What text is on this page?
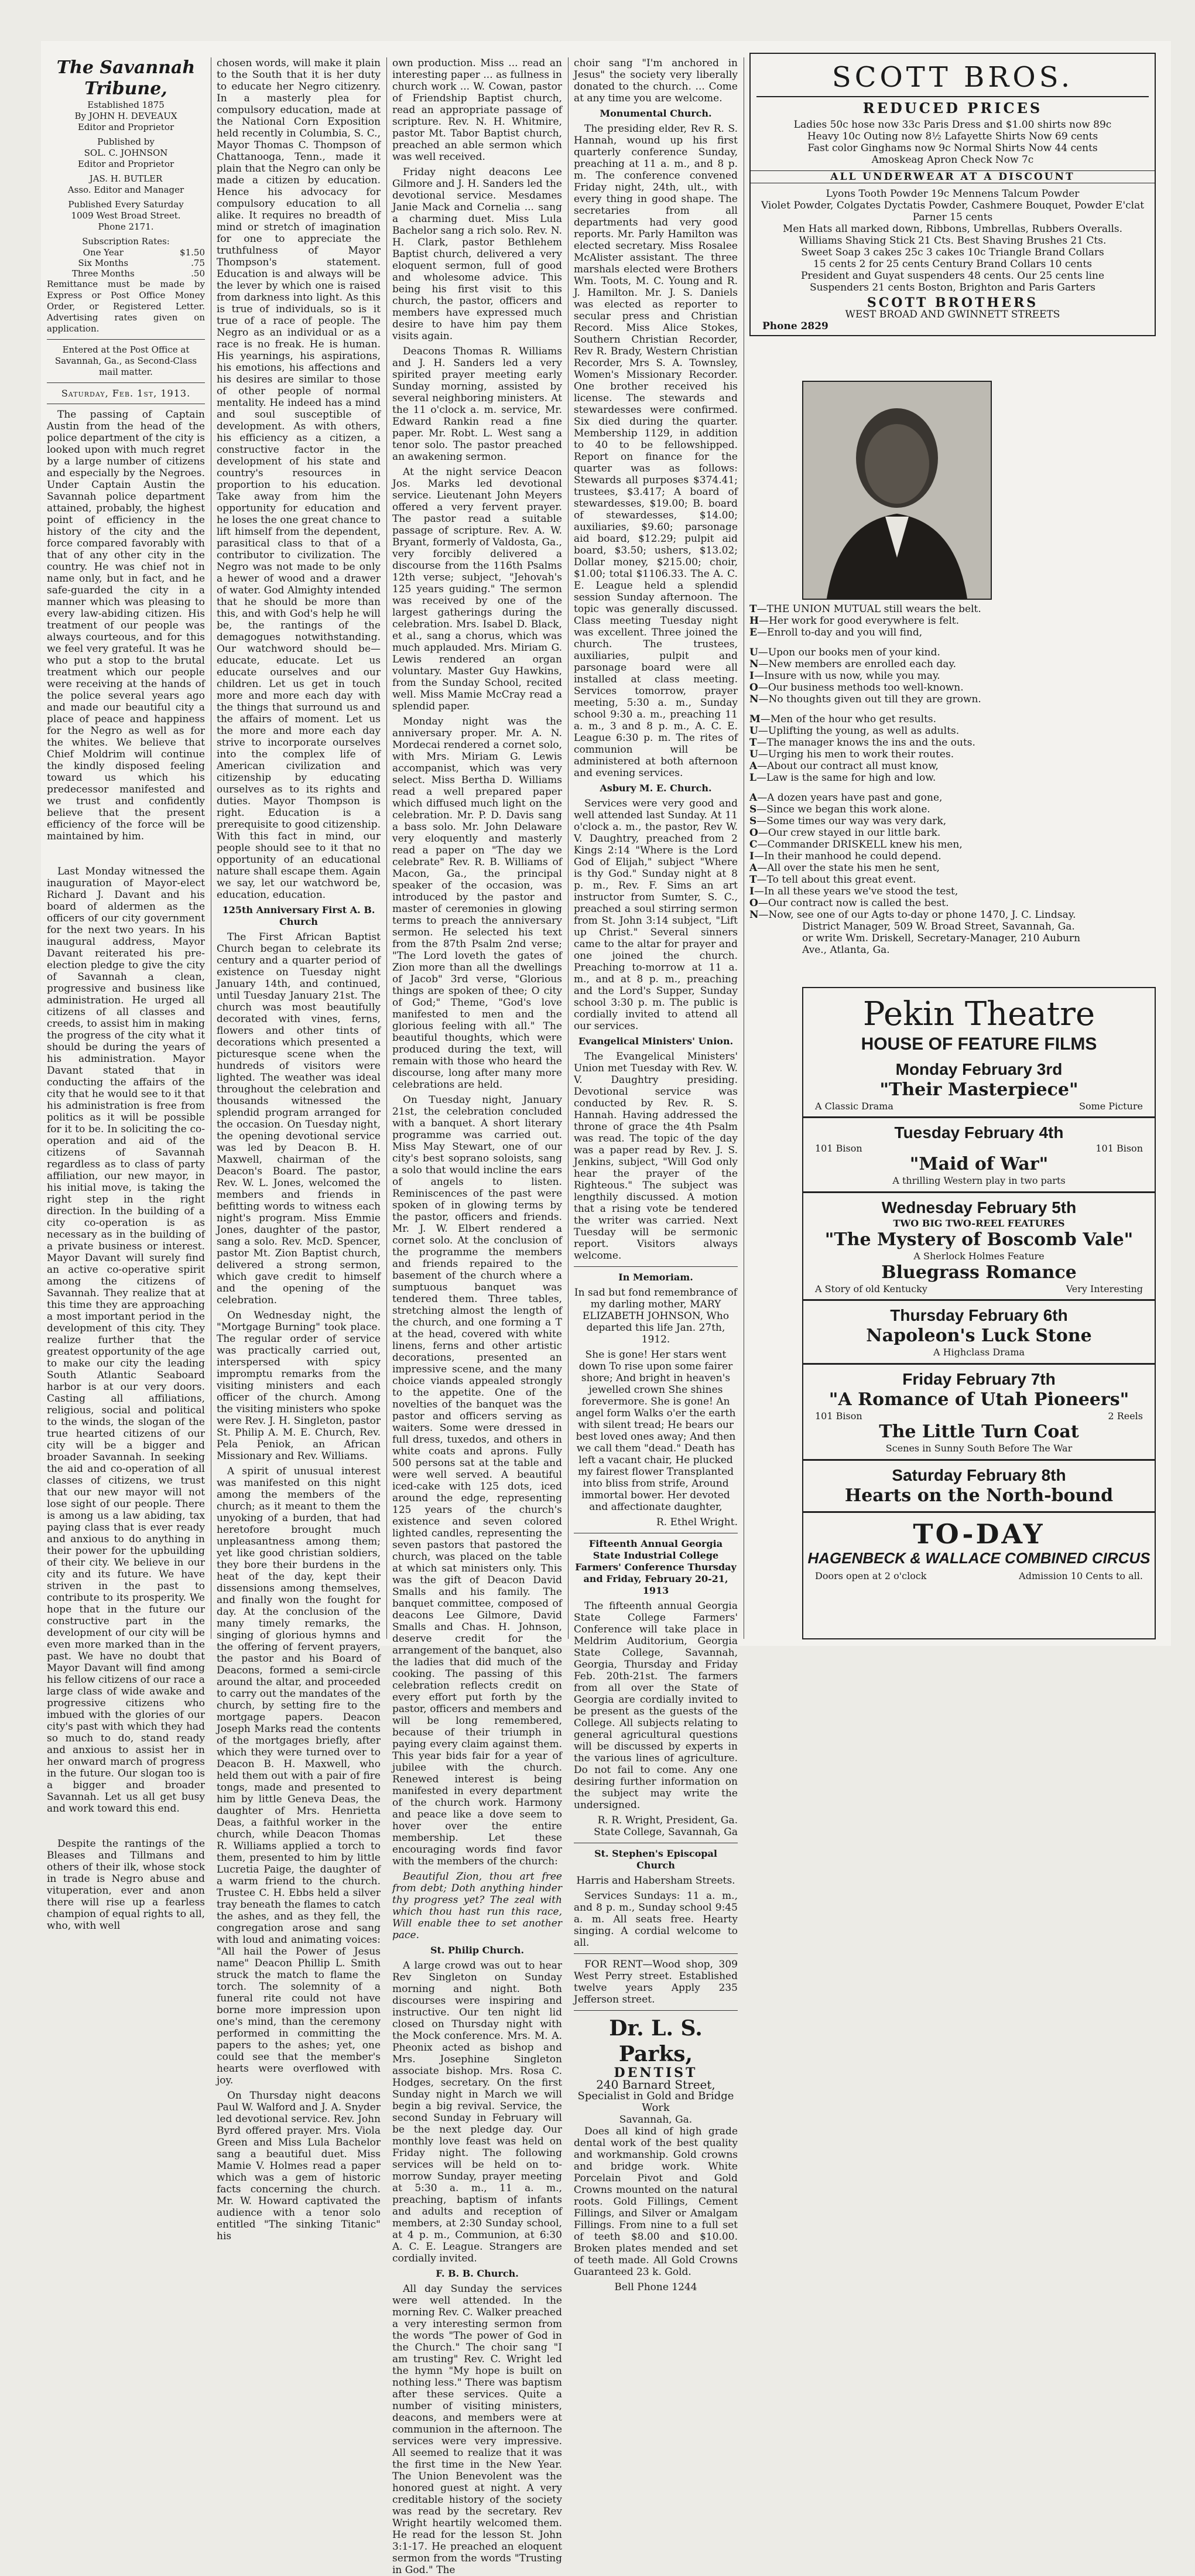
The Savannah Tribune,
Established 1875
By JOHN H. DEVEAUX
Editor and Proprietor
Published by
SOL. C. JOHNSON
Editor and Proprietor
JAS. H. BUTLER
Asso. Editor and Manager
Published Every Saturday
1009 West Broad Street.
Phone 2171.
Subscription Rates:
One Year	$1.50
Six Months	.75
Three Months	.50
Remittance must be made by Express or Post Office Money Order, or Registered Letter. Advertising rates given on application.
Entered at the Post Office at Savannah, Ga., as Second-Class mail matter.
Saturday, Feb. 1st, 1913.

The passing of Captain Austin from the head of the police department of the city is looked upon with much regret by a large number of citizens and especially by the Negroes. Under Captain Austin the Savannah police department attained, probably, the highest point of efficiency in the history of the city and the force compared favorably with that of any other city in the country. He was chief not in name only, but in fact, and he safe-guarded the city in a manner which was pleasing to every law-abiding citizen. His treatment of our people was always courteous, and for this we feel very grateful. It was he who put a stop to the brutal treatment which our people were receiving at the hands of the police several years ago and made our beautiful city a place of peace and happiness for the Negro as well as for the whites. We believe that Chief Moldrim will continue the kindly disposed feeling toward us which his predecessor manifested and we trust and confidently believe that the present efficiency of the force will be maintained by him.

Last Monday witnessed the inauguration of Mayor-elect Richard J. Davant and his board of aldermen as the officers of our city government for the next two years. In his inaugural address, Mayor Davant reiterated his pre-election pledge to give the city of Savannah a clean, progressive and business like administration. He urged all citizens of all classes and creeds, to assist him in making the progress of the city what it should be during the years of his administration. Mayor Davant stated that in conducting the affairs of the city that he would see to it that his administration is free from politics as it will be possible for it to be. In soliciting the co-operation and aid of the citizens of Savannah regardless as to class of party affiliation, our new mayor, in his initial move, is taking the right step in the right direction. In the building of a city co-operation is as necessary as in the building of a private business or interest. Mayor Davant will surely find an active co-operative spirit among the citizens of Savannah. They realize that at this time they are approaching a most important period in the development of this city. They realize further that the greatest opportunity of the age to make our city the leading South Atlantic Seaboard harbor is at our very doors. Casting all affiliations, religious, social and political to the winds, the slogan of the true hearted citizens of our city will be a bigger and broader Savannah. In seeking the aid and co-operation of all classes of citizens, we trust that our new mayor will not lose sight of our people. There is among us a law abiding, tax paying class that is ever ready and anxious to do anything in their power for the upbuilding of their city. We believe in our city and its future. We have striven in the past to contribute to its prosperity. We hope that in the future our constructive part in the development of our city will be even more marked than in the past. We have no doubt that Mayor Davant will find among his fellow citizens of our race a large class of wide awake and progressive citizens who imbued with the glories of our city's past with which they had so much to do, stand ready and anxious to assist her in her onward march of progress in the future. Our slogan too is a bigger and broader Savannah. Let us all get busy and work toward this end.

Despite the rantings of the Bleases and Tillmans and others of their ilk, whose stock in trade is Negro abuse and vituperation, ever and anon there will rise up a fearless champion of equal rights to all, who, with well

chosen words, will make it plain to the South that it is her duty to educate her Negro citizenry. In a masterly plea for compulsory education, made at the National Corn Exposition held recently in Columbia, S. C., Mayor Thomas C. Thompson of Chattanooga, Tenn., made it plain that the Negro can only be made a citizen by education. Hence his advocacy for compulsory education to all alike. It requires no breadth of mind or stretch of imagination for one to appreciate the truthfulness of Mayor Thompson's statement. Education is and always will be the lever by which one is raised from darkness into light. As this is true of individuals, so is it true of a race of people. The Negro as an individual or as a race is no freak. He is human. His yearnings, his aspirations, his emotions, his affections and his desires are similar to those of other people of normal mentality. He indeed has a mind and soul susceptible of development. As with others, his efficiency as a citizen, a constructive factor in the development of his state and country's resources in proportion to his education. Take away from him the opportunity for education and he loses the one great chance to lift himself from the dependent, parasitical class to that of a contributor to civilization. The Negro was not made to be only a hewer of wood and a drawer of water. God Almighty intended that he should be more than this, and with God's help he will be, the rantings of the demagogues notwithstanding. Our watchword should be—educate, educate. Let us educate ourselves and our children. Let us get in touch more and more each day with the things that surround us and the affairs of moment. Let us the more and more each day strive to incorporate ourselves into the complex life of American civilization and citizenship by educating ourselves as to its rights and duties. Mayor Thompson is right. Education is a prerequisite to good citizenship. With this fact in mind, our people should see to it that no opportunity of an educational nature shall escape them. Again we say, let our watchword be, education, education.

125th Anniversary First A. B. Church

The First African Baptist Church began to celebrate its century and a quarter period of existence on Tuesday night January 14th, and continued, until Tuesday January 21st. The church was most beautifully decorated with vines, ferns, flowers and other tints of decorations which presented a picturesque scene when the hundreds of visitors were lighted. The weather was ideal throughout the celebration and thousands witnessed the splendid program arranged for the occasion. On Tuesday night, the opening devotional service was led by Deacon B. H. Maxwell, chairman of the Deacon's Board. The pastor, Rev. W. L. Jones, welcomed the members and friends in befitting words to witness each night's program. Miss Emmie Jones, daughter of the pastor, sang a solo. Rev. McD. Spencer, pastor Mt. Zion Baptist church, delivered a strong sermon, which gave credit to himself and the opening of the celebration.

On Wednesday night, the "Mortgage Burning" took place. The regular order of service was practically carried out, interspersed with spicy impromptu remarks from the visiting ministers and each officer of the church. Among the visiting ministers who spoke were Rev. J. H. Singleton, pastor St. Philip A. M. E. Church, Rev. Pela Peniok, an African Missionary and Rev. Williams.

A spirit of unusual interest was manifested on this night among the members of the church; as it meant to them the unyoking of a burden, that had heretofore brought much unpleasantness among them; yet like good christian soldiers, they bore their burdens in the heat of the day, kept their dissensions among themselves, and finally won the fought for day. At the conclusion of the many timely remarks, the singing of glorious hymns and the offering of fervent prayers, the pastor and his Board of Deacons, formed a semi-circle around the altar, and proceeded to carry out the mandates of the church, by setting fire to the mortgage papers. Deacon Joseph Marks read the contents of the mortgages briefly, after which they were turned over to Deacon B. H. Maxwell, who held them out with a pair of fire tongs, made and presented to him by little Geneva Deas, the daughter of Mrs. Henrietta Deas, a faithful worker in the church, while Deacon Thomas R. Williams applied a torch to them, presented to him by little Lucretia Paige, the daughter of a warm friend to the church. Trustee C. H. Ebbs held a silver tray beneath the flames to catch the ashes, and as they fell, the congregation arose and sang with loud and animating voices: "All hail the Power of Jesus name" Deacon Phillip L. Smith struck the match to flame the torch. The solemnity of a funeral rite could not have borne more impression upon one's mind, than the ceremony performed in committing the papers to the ashes; yet, one could see that the member's hearts were overflowed with joy.

On Thursday night deacons Paul W. Walford and J. A. Snyder led devotional service. Rev. John Byrd offered prayer. Mrs. Viola Green and Miss Lula Bachelor sang a beautiful duet. Miss Mamie V. Holmes read a paper which was a gem of historic facts concerning the church. Mr. W. Howard captivated the audience with a tenor solo entitled "The sinking Titanic" his

own production. Miss ... read an interesting paper ... as fullness in church work ... W. Cowan, pastor of Friendship Baptist church, read an appropriate passage of scripture. Rev. N. H. Whitmire, pastor Mt. Tabor Baptist church, preached an able sermon which was well received.

Friday night deacons Lee Gilmore and J. H. Sanders led the devotional service. Mesdames Janie Mack and Cornelia ... sang a charming duet. Miss Lula Bachelor sang a rich solo. Rev. N. H. Clark, pastor Bethlehem Baptist church, delivered a very eloquent sermon, full of good and wholesome advice. This being his first visit to this church, the pastor, officers and members have expressed much desire to have him pay them visits again.

Deacons Thomas R. Williams and J. H. Sanders led a very spirited prayer meeting early Sunday morning, assisted by several neighboring ministers. At the 11 o'clock a. m. service, Mr. Edward Rankin read a fine paper. Mr. Robt. L. West sang a tenor solo. The pastor preached an awakening sermon.

At the night service Deacon Jos. Marks led devotional service. Lieutenant John Meyers offered a very fervent prayer. The pastor read a suitable passage of scripture. Rev. A. W. Bryant, formerly of Valdosta, Ga., very forcibly delivered a discourse from the 116th Psalms 12th verse; subject, "Jehovah's 125 years guiding." The sermon was received by one of the largest gatherings during the celebration. Mrs. Isabel D. Black, et al., sang a chorus, which was much applauded. Mrs. Miriam G. Lewis rendered an organ voluntary. Master Guy Hawkins, from the Sunday School, recited well. Miss Mamie McCray read a splendid paper.

Monday night was the anniversary proper. Mr. A. N. Mordecai rendered a cornet solo, with Mrs. Miriam G. Lewis accompanist, which was very select. Miss Bertha D. Williams read a well prepared paper which diffused much light on the celebration. Mr. P. D. Davis sang a bass solo. Mr. John Delaware very eloquently and masterly read a paper on "The day we celebrate" Rev. R. B. Williams of Macon, Ga., the principal speaker of the occasion, was introduced by the pastor and master of ceremonies in glowing terms to preach the anniversary sermon. He selected his text from the 87th Psalm 2nd verse; "The Lord loveth the gates of Zion more than all the dwellings of Jacob" 3rd verse, "Glorious things are spoken of thee; O city of God;" Theme, "God's love manifested to men and the glorious feeling with all." The beautiful thoughts, which were produced during the text, will remain with those who heard the discourse, long after many more celebrations are held.

On Tuesday night, January 21st, the celebration concluded with a banquet. A short literary programme was carried out. Miss May Stewart, one of our city's best soprano soloists, sang a solo that would incline the ears of angels to listen. Reminiscences of the past were spoken of in glowing terms by the pastor, officers and friends. Mr. J. W. Elbert rendered a cornet solo. At the conclusion of the programme the members and friends repaired to the basement of the church where a sumptuous banquet was tendered them. Three tables, stretching almost the length of the church, and one forming a T at the head, covered with white linens, ferns and other artistic decorations, presented an impressive scene, and the many choice viands appealed strongly to the appetite. One of the novelties of the banquet was the pastor and officers serving as waiters. Some were dressed in full dress, tuxedos, and others in white coats and aprons. Fully 500 persons sat at the table and were well served. A beautiful iced-cake with 125 dots, iced around the edge, representing 125 years of the church's existence and seven colored lighted candles, representing the seven pastors that pastored the church, was placed on the table at which sat ministers only. This was the gift of Deacon David Smalls and his family. The banquet committee, composed of deacons Lee Gilmore, David Smalls and Chas. H. Johnson, deserve credit for the arrangement of the banquet, also the ladies that did much of the cooking. The passing of this celebration reflects credit on every effort put forth by the pastor, officers and members and will be long remembered, because of their triumph in paying every claim against them. This year bids fair for a year of jubilee with the church. Renewed interest is being manifested in every department of the church work. Harmony and peace like a dove seem to hover over the entire membership. Let these encouraging words find favor with the members of the church:

Beautiful Zion, thou art free from debt; Doth anything hinder thy progress yet? The zeal with which thou hast run this race, Will enable thee to set another pace.

St. Philip Church.

A large crowd was out to hear Rev Singleton on Sunday morning and night. Both discourses were inspiring and instructive. Our ten night lid closed on Thursday night with the Mock conference. Mrs. M. A. Pheonix acted as bishop and Mrs. Josephine Singleton associate bishop. Mrs. Rosa C. Hodges, secretary. On the first Sunday night in March we will begin a big revival. Service, the second Sunday in February will be the next pledge day. Our monthly love feast was held on Friday night. The following services will be held on to-morrow Sunday, prayer meeting at 5:30 a. m., 11 a. m., preaching, baptism of infants and adults and reception of members, at 2:30 Sunday school, at 4 p. m., Communion, at 6:30 A. C. E. League. Strangers are cordially invited.

F. B. B. Church.

All day Sunday the services were well attended. In the morning Rev. C. Walker preached a very interesting sermon from the words "The power of God in the Church." The choir sang "I am trusting" Rev. C. Wright led the hymn "My hope is built on nothing less." There was baptism after these services. Quite a number of visiting ministers, deacons, and members were at communion in the afternoon. The services were very impressive. All seemed to realize that it was the first time in the New Year. The Union Benevolent was the honored guest at night. A very creditable history of the society was read by the secretary. Rev Wright heartily welcomed them. He read for the lesson St. John 3:1-17. He preached an eloquent sermon from the words "Trusting in God." The

choir sang "I'm anchored in Jesus" the society very liberally donated to the church. ... Come at any time you are welcome.

Monumental Church.

The presiding elder, Rev R. S. Hannah, wound up his first quarterly conference Sunday, preaching at 11 a. m., and 8 p. m. The conference convened Friday night, 24th, ult., with every thing in good shape. The secretaries from all departments had very good reports. Mr. Parly Hamilton was elected secretary. Miss Rosalee McAlister assistant. The three marshals elected were Brothers Wm. Toots, M. C. Young and R. J. Hamilton. Mr. J. S. Daniels was elected as reporter to secular press and Christian Record. Miss Alice Stokes, Southern Christian Recorder, Rev R. Brady, Western Christian Recorder, Mrs S. A. Townsley, Women's Missionary Recorder. One brother received his license. The stewards and stewardesses were confirmed. Six died during the quarter. Membership 1129, in addition to 40 to be fellowshipped. Report on finance for the quarter was as follows: Stewards all purposes $374.41; trustees, $3.417; A board of stewardesses, $19.00; B. board of stewardesses, $14.00; auxiliaries, $9.60; parsonage aid board, $12.29; pulpit aid board, $3.50; ushers, $13.02; Dollar money, $215.00; choir, $1.00; total $1106.33. The A. C. E. League held a splendid session Sunday afternoon. The topic was generally discussed. Class meeting Tuesday night was excellent. Three joined the church. The trustees, auxiliaries, pulpit and parsonage board were all installed at class meeting. Services tomorrow, prayer meeting, 5:30 a. m., Sunday school 9:30 a. m., preaching 11 a. m., 3 and 8 p. m., A. C. E. League 6:30 p. m. The rites of communion will be administered at both afternoon and evening services.

Asbury M. E. Church.

Services were very good and well attended last Sunday. At 11 o'clock a. m., the pastor, Rev W. V. Daughtry, preached from 2 Kings 2:14 "Where is the Lord God of Elijah," subject "Where is thy God." Sunday night at 8 p. m., Rev. F. Sims an art instructor from Sumter, S. C., preached a soul stirring sermon from St. John 3:14 subject, "Lift up Christ." Several sinners came to the altar for prayer and one joined the church. Preaching to-morrow at 11 a. m., and at 8 p. m., preaching and the Lord's Supper, Sunday school 3:30 p. m. The public is cordially invited to attend all our services.

Evangelical Ministers' Union.

The Evangelical Ministers' Union met Tuesday with Rev. W. V. Daughtry presiding. Devotional service was conducted by Rev. R. S. Hannah. Having addressed the throne of grace the 4th Psalm was read. The topic of the day was a paper read by Rev. J. S. Jenkins, subject, "Will God only hear the prayer of the Righteous." The subject was lengthily discussed. A motion that a rising vote be tendered the writer was carried. Next Tuesday will be sermonic report. Visitors always welcome.

In Memoriam.

In sad but fond remembrance of my darling mother, MARY ELIZABETH JOHNSON, Who departed this life Jan. 27th, 1912.

She is gone! Her stars went down To rise upon some fairer shore; And bright in heaven's jewelled crown She shines forevermore. She is gone! An angel form Walks o'er the earth with silent tread; He bears our best loved ones away; And then we call them "dead." Death has left a vacant chair, He plucked my fairest flower Transplanted into bliss from strife, Around immortal bower. Her devoted and affectionate daughter,

R. Ethel Wright.

Fifteenth Annual Georgia State Industrial College Farmers' Conference Thursday and Friday, February 20-21, 1913

The fifteenth annual Georgia State College Farmers' Conference will take place in Meldrim Auditorium, Georgia State College, Savannah, Georgia, Thursday and Friday Feb. 20th-21st. The farmers from all over the State of Georgia are cordially invited to be present as the guests of the College. All subjects relating to general agricultural questions will be discussed by experts in the various lines of agriculture. Do not fail to come. Any one desiring further information on the subject may write the undersigned.

R. R. Wright, President, Ga. State College, Savannah, Ga

St. Stephen's Episcopal Church

Harris and Habersham Streets.

Services Sundays: 11 a. m., and 8 p. m., Sunday school 9:45 a. m. All seats free. Hearty singing. A cordial welcome to all.

FOR RENT—Wood shop, 309 West Perry street. Established twelve years Apply 235 Jefferson street.

Dr. L. S. Parks,
DENTIST
240 Barnard Street,
Specialist in Gold and Bridge Work
Savannah, Ga.

Does all kind of high grade dental work of the best quality and workmanship. Gold crowns and bridge work. White Porcelain Pivot and Gold Crowns mounted on the natural roots. Gold Fillings, Cement Fillings, and Silver or Amalgam Fillings. From nine to a full set of teeth $8.00 and $10.00. Broken plates mended and set of teeth made. All Gold Crowns Guaranteed 23 k. Gold.

Bell Phone 1244
SCOTT BROS.
REDUCED PRICES
Ladies 50c hose now 33c Paris Dress and $1.00 shirts now 89c
Heavy 10c Outing now 8½ Lafayette Shirts Now 69 cents
Fast color Ginghams now 9c Normal Shirts Now 44 cents
Amoskeag Apron Check Now 7c
ALL UNDERWEAR AT A DISCOUNT
Lyons Tooth Powder 19c Mennens Talcum Powder
Violet Powder, Colgates Dyctatis Powder, Cashmere Bouquet, Powder E'clat Parner 15 cents
Men Hats all marked down, Ribbons, Umbrellas, Rubbers Overalls.
Williams Shaving Stick 21 Cts. Best Shaving Brushes 21 Cts.
Sweet Soap 3 cakes 25c 3 cakes 10c Triangle Brand Collars
15 cents 2 for 25 cents Century Brand Collars 10 cents
President and Guyat suspenders 48 cents. Our 25 cents line
Suspenders 21 cents Boston, Brighton and Paris Garters
SCOTT BROTHERS
WEST BROAD AND GWINNETT STREETS
Phone 2829
T—THE UNION MUTUAL still wears the belt.
H—Her work for good everywhere is felt.
E—Enroll to-day and you will find,
U—Upon our books men of your kind.
N—New members are enrolled each day.
I—Insure with us now, while you may.
O—Our business methods too well-known.
N—No thoughts given out till they are grown.
M—Men of the hour who get results.
U—Uplifting the young, as well as adults.
T—The manager knows the ins and the outs.
U—Urging his men to work their routes.
A—About our contract all must know,
L—Law is the same for high and low.
A—A dozen years have past and gone,
S—Since we began this work alone.
S—Some times our way was very dark,
O—Our crew stayed in our little bark.
C—Commander DRISKELL knew his men,
I—In their manhood he could depend.
A—All over the state his men he sent,
T—To tell about this great event.
I—In all these years we've stood the test,
O—Our contract now is called the best.
N—Now, see one of our Agts to-day or phone 1470, J. C. Lindsay.
District Manager, 509 W. Broad Street, Savannah, Ga.
or write Wm. Driskell, Secretary-Manager, 210 Auburn
Ave., Atlanta, Ga.
Pekin Theatre
HOUSE OF FEATURE FILMS
Monday February 3rd
"Their Masterpiece"
A Classic Drama	Some Picture
Tuesday February 4th
101 Bison	101 Bison
"Maid of War"
A thrilling Western play in two parts
Wednesday February 5th
TWO BIG TWO-REEL FEATURES
"The Mystery of Boscomb Vale"
A Sherlock Holmes Feature
Bluegrass Romance
A Story of old Kentucky	Very Interesting
Thursday February 6th
Napoleon's Luck Stone
A Highclass Drama
Friday February 7th
"A Romance of Utah Pioneers"
101 Bison	2 Reels
The Little Turn Coat
Scenes in Sunny South Before The War
Saturday February 8th
Hearts on the North-bound
TO-DAY
HAGENBECK & WALLACE COMBINED CIRCUS
Doors open at 2 o'clock	Admission 10 Cents to all.
